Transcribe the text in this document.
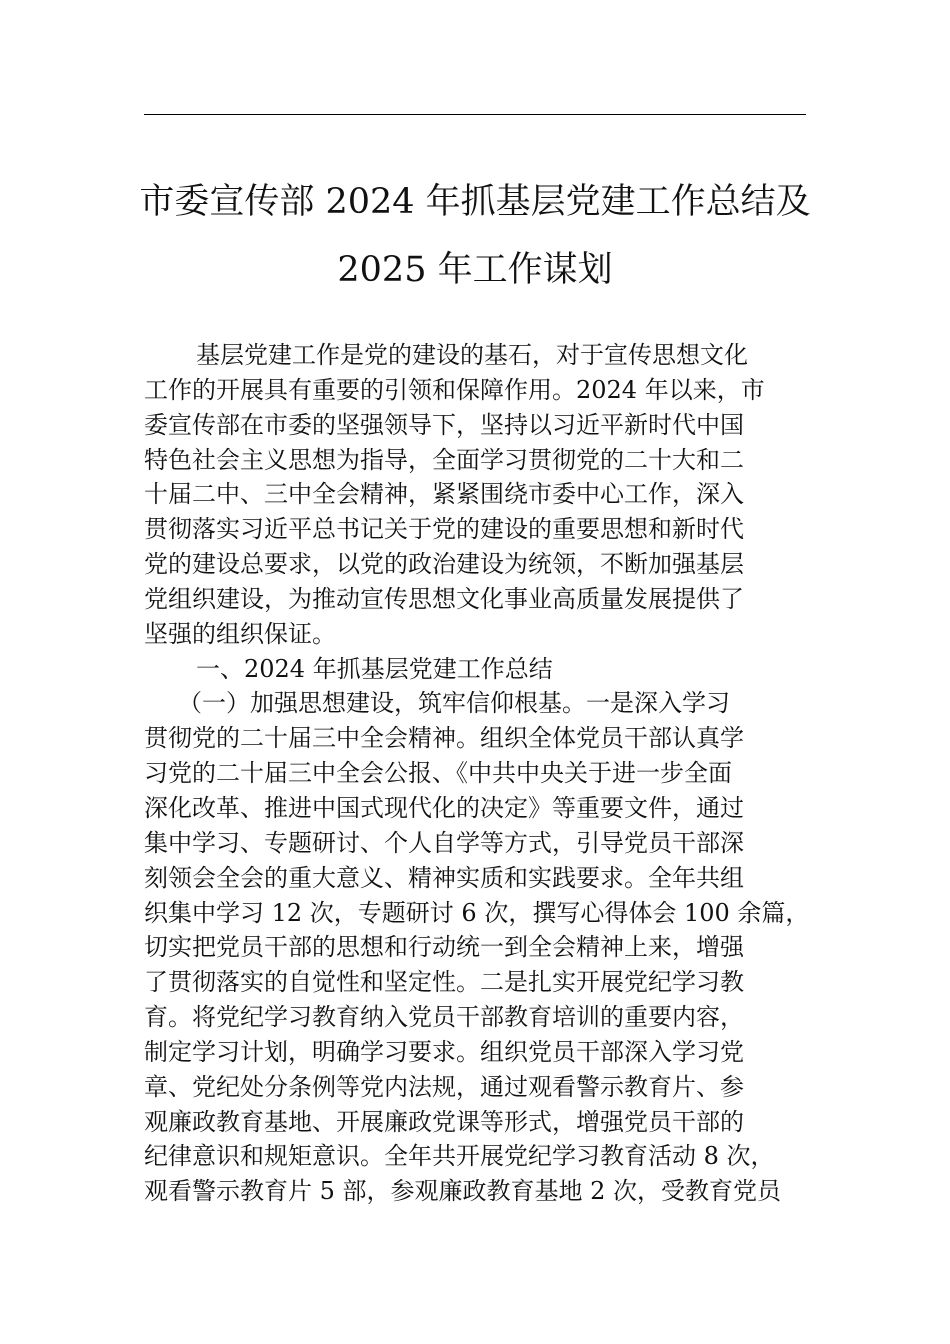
市委宣传部 2024 年抓基层党建工作总结及
2025 年工作谋划
基层党建工作是党的建设的基石，对于宣传思想文化
工作的开展具有重要的引领和保障作用。2024 年以来，市
委宣传部在市委的坚强领导下，坚持以习近平新时代中国
特色社会主义思想为指导，全面学习贯彻党的二十大和二
十届二中、三中全会精神，紧紧围绕市委中心工作，深入
贯彻落实习近平总书记关于党的建设的重要思想和新时代
党的建设总要求，以党的政治建设为统领，不断加强基层
党组织建设，为推动宣传思想文化事业高质量发展提供了
坚强的组织保证。
一、2024 年抓基层党建工作总结
（一）加强思想建设，筑牢信仰根基。一是深入学习
贯彻党的二十届三中全会精神。组织全体党员干部认真学
习党的二十届三中全会公报、《中共中央关于进一步全面
深化改革、推进中国式现代化的决定》等重要文件，通过
集中学习、专题研讨、个人自学等方式，引导党员干部深
刻领会全会的重大意义、精神实质和实践要求。全年共组
织集中学习 12 次，专题研讨 6 次，撰写心得体会 100 余篇，
切实把党员干部的思想和行动统一到全会精神上来，增强
了贯彻落实的自觉性和坚定性。二是扎实开展党纪学习教
育。将党纪学习教育纳入党员干部教育培训的重要内容，
制定学习计划，明确学习要求。组织党员干部深入学习党
章、党纪处分条例等党内法规，通过观看警示教育片、参
观廉政教育基地、开展廉政党课等形式，增强党员干部的
纪律意识和规矩意识。全年共开展党纪学习教育活动 8 次，
观看警示教育片 5 部，参观廉政教育基地 2 次，受教育党员
